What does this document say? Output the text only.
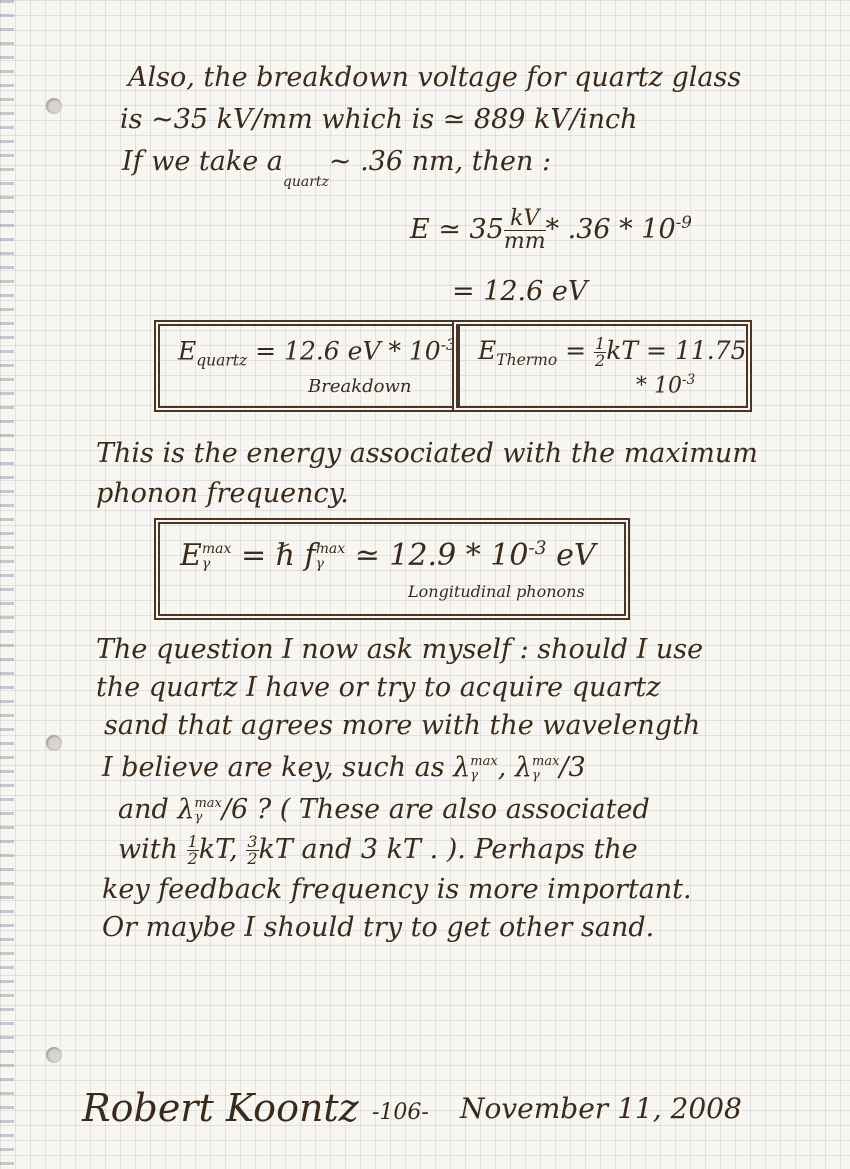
Also, the breakdown voltage for quartz glass
is ~35 kV/mm which is ≃ 889 kV/inch
If we take $a_{quartz}\sim$ .36 nm, then :
E ≃ $35 \frac{kV}{mm} * .36 * 10^{-9}$
= 12.6 eV
$E_{quartz} = 12.6$ eV * $10^{-3}$
Breakdown
$E_{Thermo} = \frac{1}{2}$ kT = 11.75
* $10^{-3}$
This is the energy associated with the maximum
phonon frequency.
E max
γ	= ℏ f max
γ	≃ $12.9 * 10^{-3}$ eV
Longitudinal phonons
The question I now ask myself : should I use
the quartz I have or try to acquire quartz
sand that agrees more with the wavelength
I believe are key, such as λ max
γ , λ max
γ /3
and λ max
γ /6 ? ( These are also associated
with $\frac{1}{2}$ kT, $\frac{3}{2}$ kT and 3 kT . ). Perhaps the
key feedback frequency is more important.
Or maybe I should try to get other sand.
Robert Koontz -106- November 11, 2008
